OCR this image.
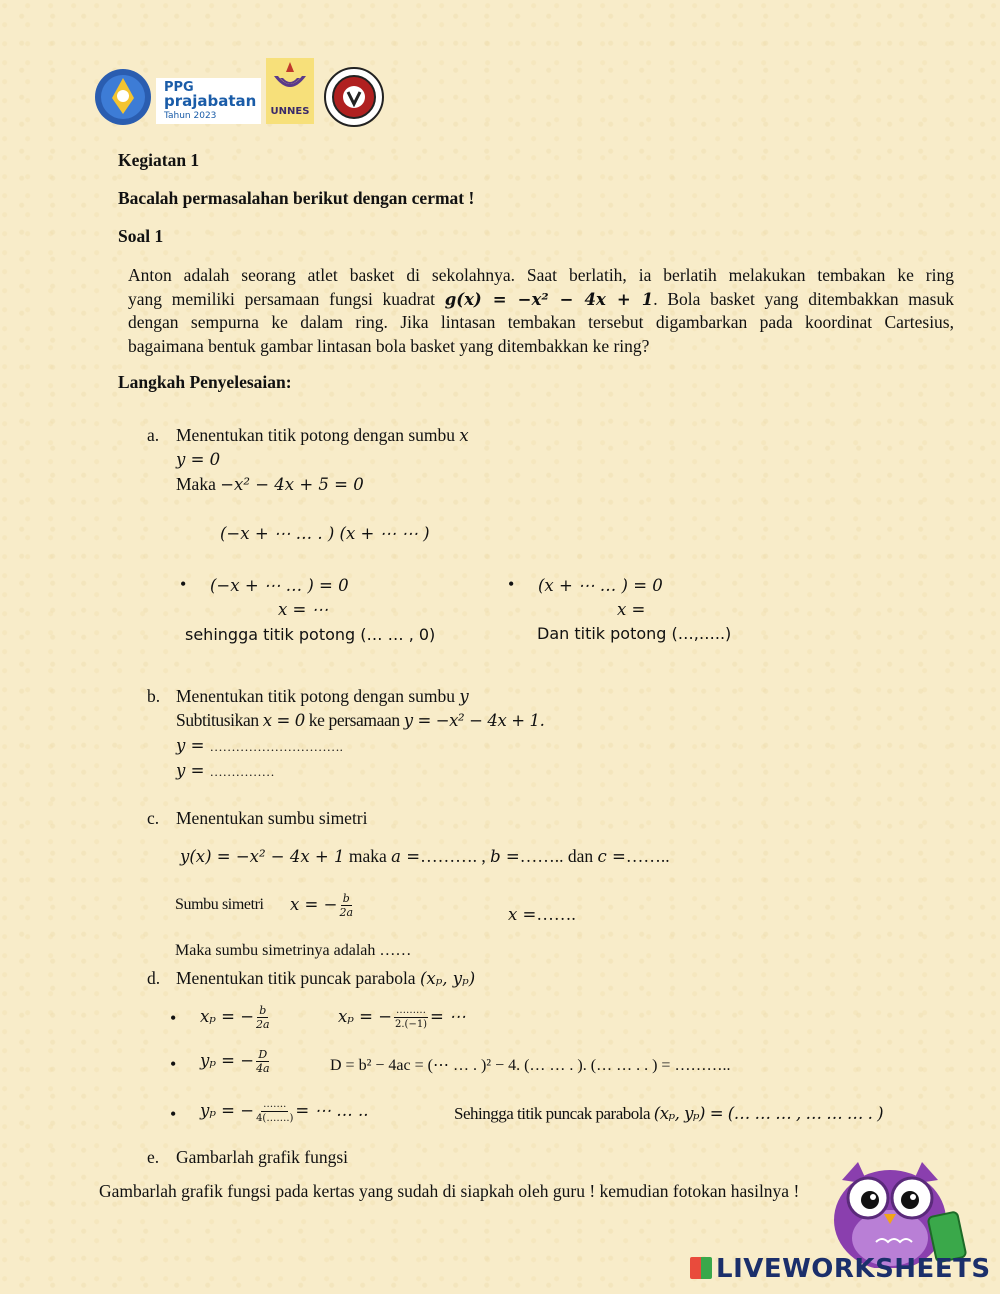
PPG
prajabatan
Tahun 2023	UNNES
Kegiatan 1
Bacalah permasalahan berikut dengan cermat !
Soal 1
Anton adalah seorang atlet basket di sekolahnya. Saat berlatih, ia berlatih melakukan tembakan ke ring
yang memiliki persamaan fungsi kuadrat g(x) = −x² − 4x + 1. Bola basket yang ditembakkan masuk
dengan sempurna ke dalam ring. Jika lintasan tembakan tersebut digambarkan pada koordinat Cartesius,
bagaimana bentuk gambar lintasan bola basket yang ditembakkan ke ring?
Langkah Penyelesaian:
a. Menentukan titik potong dengan sumbu x
y = 0
Maka −x² − 4x + 5 = 0
(−x + ⋯ … . ) (x + ⋯ ⋯ )
• (−x + ⋯ … ) = 0
x = ⋯
sehingga titik potong (… … , 0)
• (x + ⋯ … ) = 0
x =
Dan titik potong (…,…..)
b. Menentukan titik potong dengan sumbu y
Subtitusikan x = 0 ke persamaan y = −x² − 4x + 1.
y = ………………………….
y = ……………
c. Menentukan sumbu simetri
y(x) = −x² − 4x + 1 maka a =………. , b =…….. dan c =……..
Sumbu simetri x = − $\frac{b}{2a}$	x =…….
Maka sumbu simetrinya adalah ……
d. Menentukan titik puncak parabola (xₚ, yₚ)
• xₚ = − $\frac{b}{2a}$	xₚ = − $\frac{\dots\dots\dots}{2.(-1)}$ = ⋯
• yₚ = − $\frac{D}{4a}$	D = b² − 4ac = (⋯ … . )² − 4. (… … . ). (… … . . ) = ………..
• yₚ = − $\frac{\dots\dots.}{4(\dots\dots.)}$ = ⋯ … ..	Sehingga titik puncak parabola (xₚ, yₚ) = (… … … , … … … . )
e. Gambarlah grafik fungsi
Gambarlah grafik fungsi pada kertas yang sudah di siapkah oleh guru ! kemudian fotokan hasilnya !
LIVEWORKSHEETS
